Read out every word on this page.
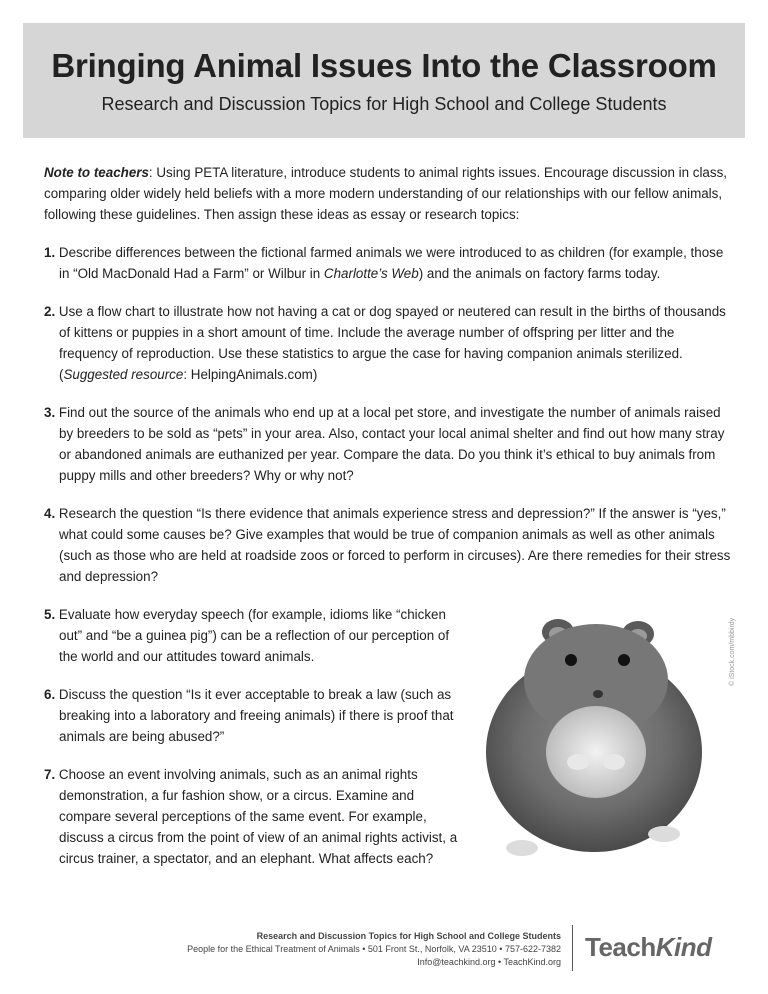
Bringing Animal Issues Into the Classroom
Research and Discussion Topics for High School and College Students

Note to teachers: Using PETA literature, introduce students to animal rights issues. Encourage discussion in class, comparing older widely held beliefs with a more modern understanding of our relationships with our fellow animals, following these guidelines. Then assign these ideas as essay or research topics:

1. Describe differences between the fictional farmed animals we were introduced to as children (for example, those in “Old MacDonald Had a Farm” or Wilbur in Charlotte’s Web) and the animals on factory farms today.

2. Use a flow chart to illustrate how not having a cat or dog spayed or neutered can result in the births of thousands of kittens or puppies in a short amount of time. Include the average number of offspring per litter and the frequency of reproduction. Use these statistics to argue the case for having companion animals sterilized. (Suggested resource: HelpingAnimals.com)

3. Find out the source of the animals who end up at a local pet store, and investigate the number of animals raised by breeders to be sold as “pets” in your area. Also, contact your local animal shelter and find out how many stray or abandoned animals are euthanized per year. Compare the data. Do you think it’s ethical to buy animals from puppy mills and other breeders? Why or why not?

4. Research the question “Is there evidence that animals experience stress and depression?” If the answer is “yes,” what could some causes be? Give examples that would be true of companion animals as well as other animals (such as those who are held at roadside zoos or forced to perform in circuses). Are there remedies for their stress and depression?

5. Evaluate how everyday speech (for example, idioms like “chicken out” and “be a guinea pig”) can be a reflection of our perception of the world and our attitudes toward animals.

6. Discuss the question “Is it ever acceptable to break a law (such as breaking into a laboratory and freeing animals) if there is proof that animals are being abused?”

7. Choose an event involving animals, such as an animal rights demonstration, a fur fashion show, or a circus. Examine and compare several perceptions of the same event. For example, discuss a circus from the point of view of an animal rights activist, a circus trainer, a spectator, and an elephant. What affects each?

© iStock.com/mbbirdy
Research and Discussion Topics for High School and College Students
People for the Ethical Treatment of Animals • 501 Front St., Norfolk, VA 23510 • 757-622-7382
Info@teachkind.org • TeachKind.org TeachKind
